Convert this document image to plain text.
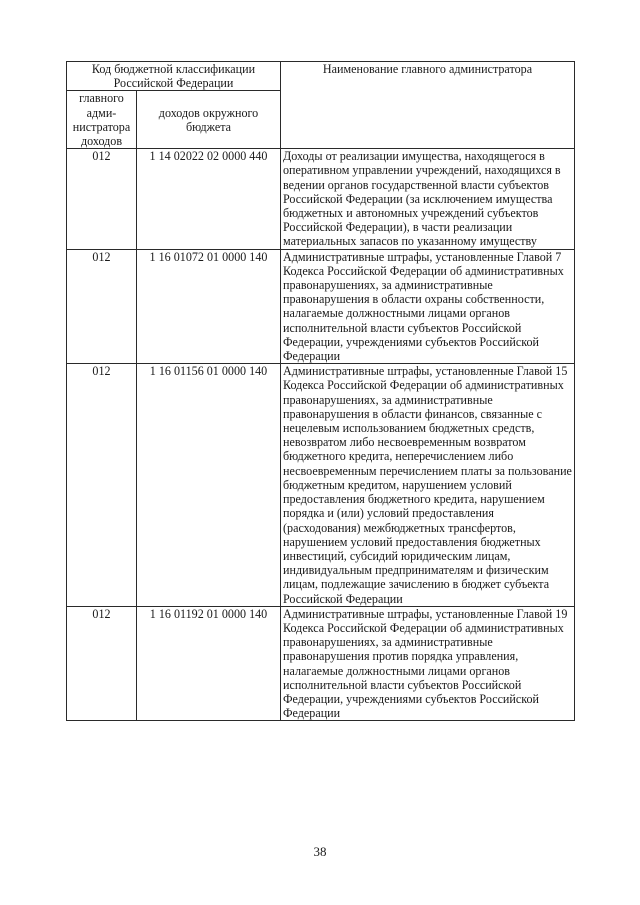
Код бюджетной классификации Российской Федерации		Наименование главного администратора
главного адми-нистратора доходов	доходов окружного бюджета	
012	1 14 02022 02 0000 440	Доходы от реализации имущества, находящегося в оперативном управлении учреждений, находящихся в ведении органов государственной власти субъектов Российской Федерации (за исключением имущества бюджетных и автономных учреждений субъектов Российской Федерации), в части реализации материальных запасов по указанному имуществу
012	1 16 01072 01 0000 140	Административные штрафы, установленные Главой 7 Кодекса Российской Федерации об административных правонарушениях, за административные правонарушения в области охраны собственности, налагаемые должностными лицами органов исполнительной власти субъектов Российской Федерации, учреждениями субъектов Российской Федерации
012	1 16 01156 01 0000 140	Административные штрафы, установленные Главой 15 Кодекса Российской Федерации об административных правонарушениях, за административные правонарушения в области финансов, связанные с нецелевым использованием бюджетных средств, невозвратом либо несвоевременным возвратом бюджетного кредита, неперечислением либо несвоевременным перечислением платы за пользование бюджетным кредитом, нарушением условий предоставления бюджетного кредита, нарушением порядка и (или) условий предоставления (расходования) межбюджетных трансфертов, нарушением условий предоставления бюджетных инвестиций, субсидий юридическим лицам, индивидуальным предпринимателям и физическим лицам, подлежащие зачислению в бюджет субъекта Российской Федерации
012	1 16 01192 01 0000 140	Административные штрафы, установленные Главой 19 Кодекса Российской Федерации об административных правонарушениях, за административные правонарушения против порядка управления, налагаемые должностными лицами органов исполнительной власти субъектов Российской Федерации, учреждениями субъектов Российской Федерации
38
